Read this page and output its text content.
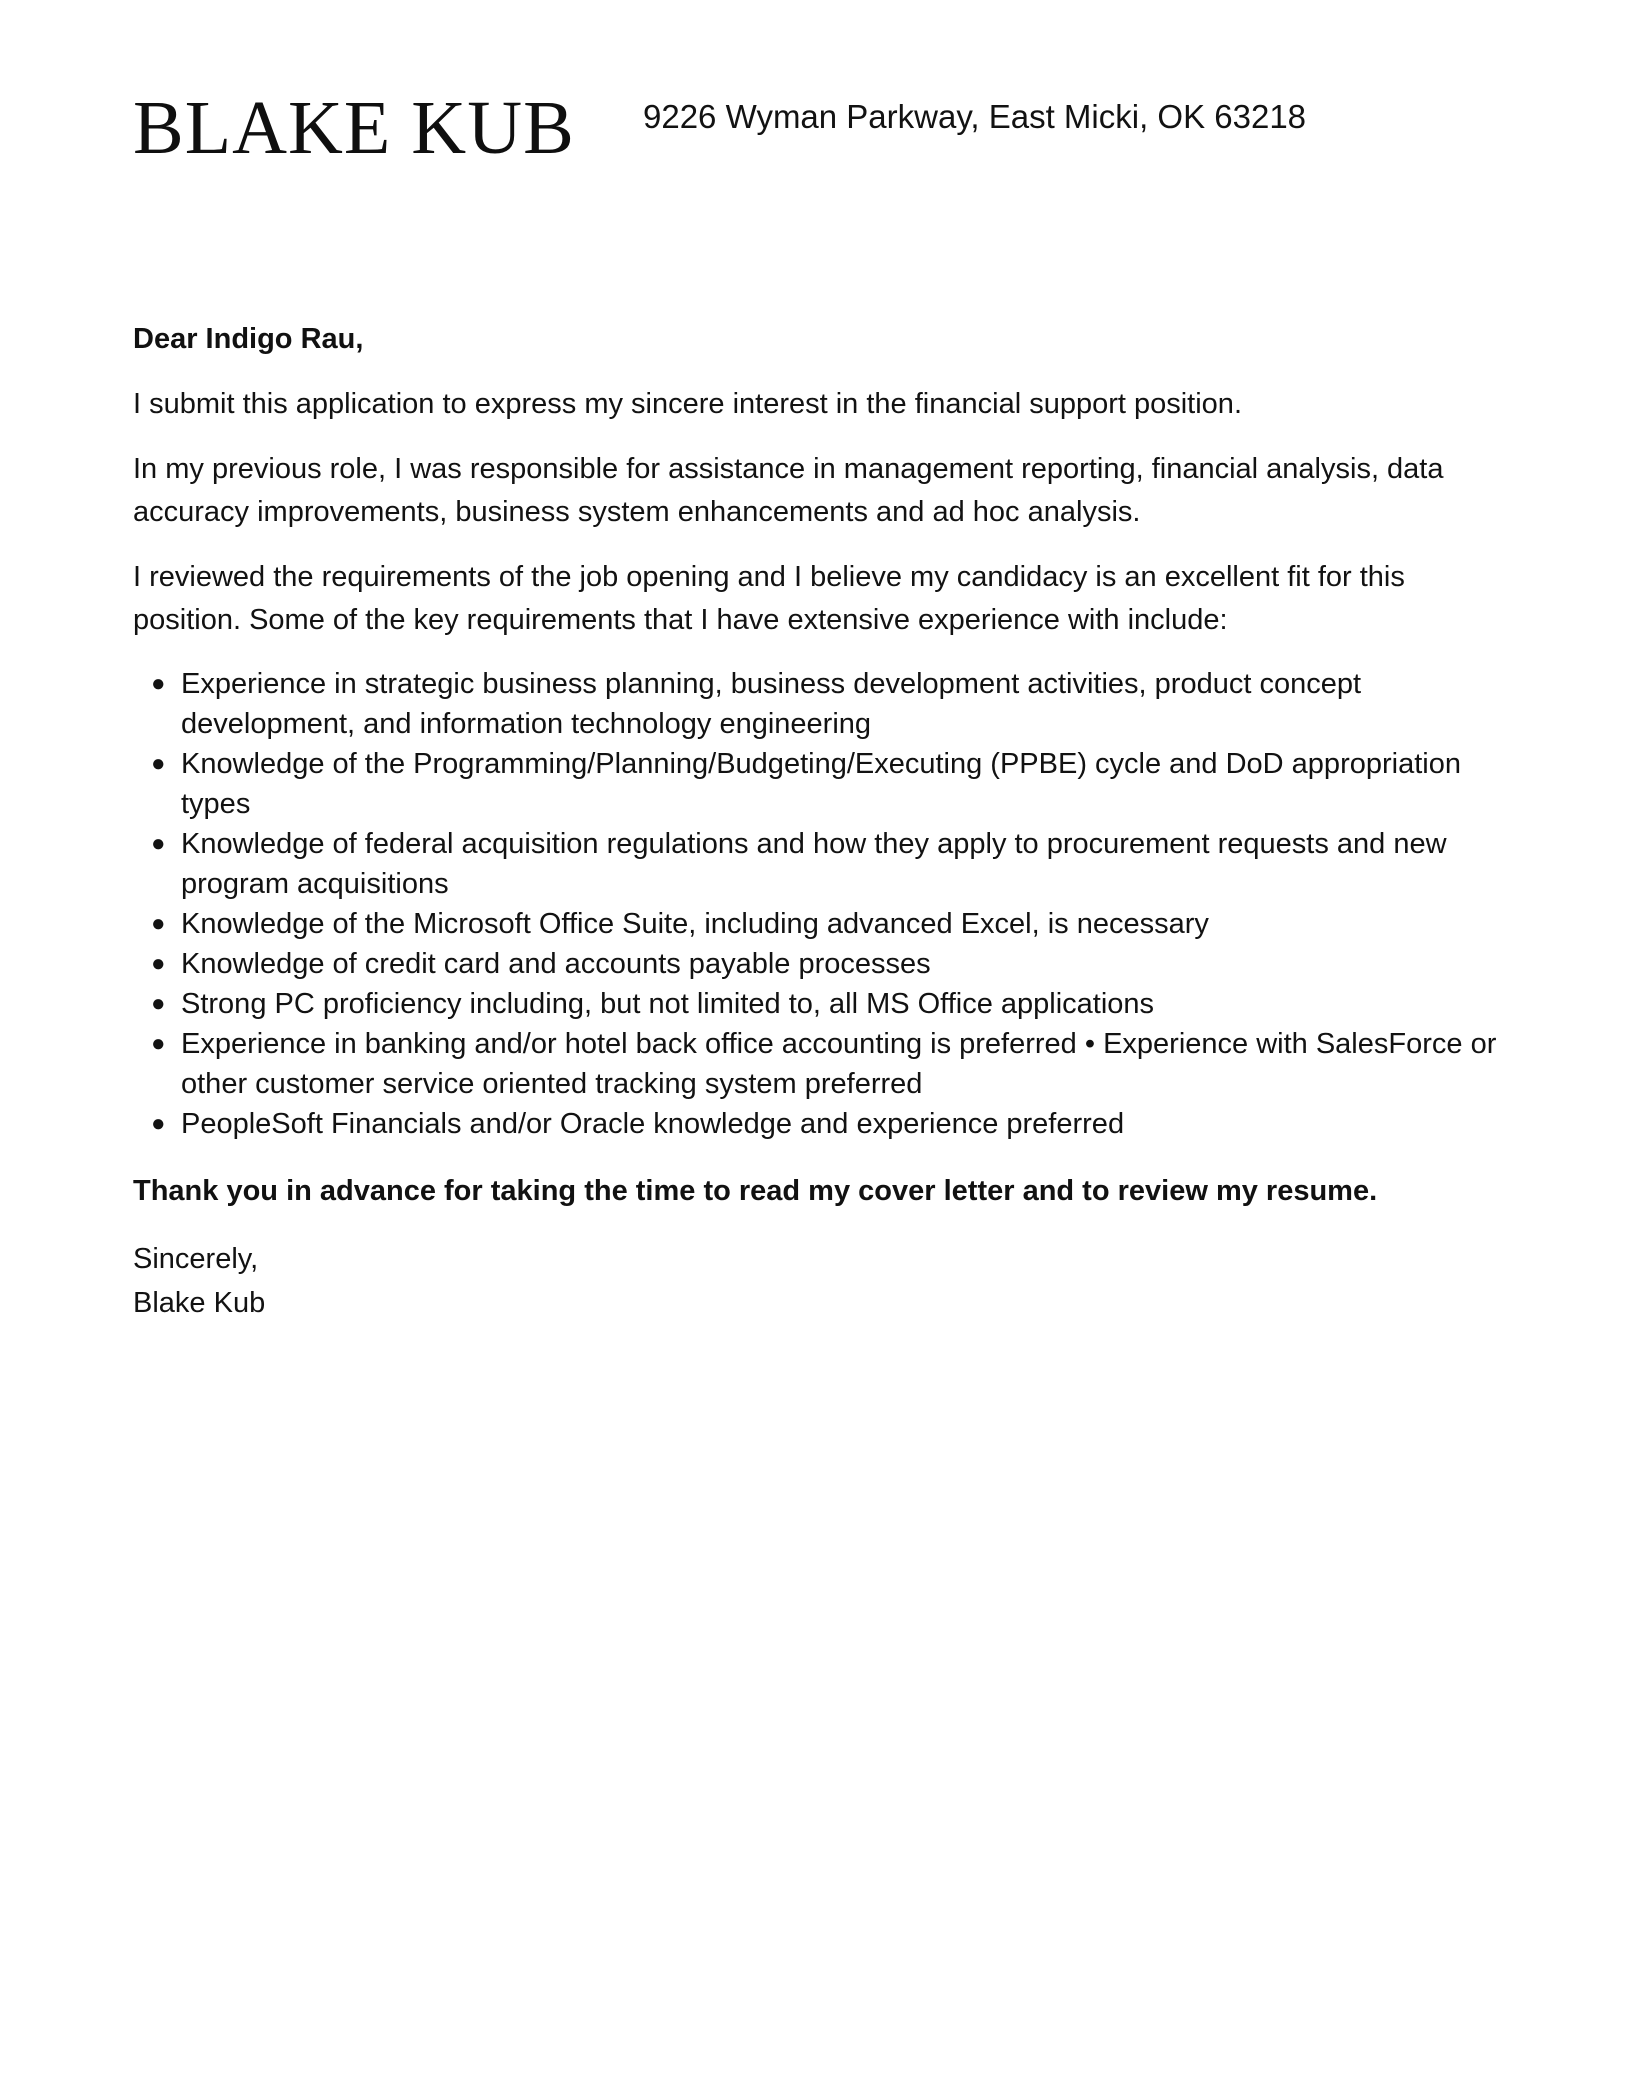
BLAKE KUB 9226 Wyman Parkway, East Micki, OK 63218

Dear Indigo Rau,

I submit this application to express my sincere interest in the financial support position.

In my previous role, I was responsible for assistance in management reporting, financial analysis, data accuracy improvements, business system enhancements and ad hoc analysis.

I reviewed the requirements of the job opening and I believe my candidacy is an excellent fit for this position. Some of the key requirements that I have extensive experience with include:

● Experience in strategic business planning, business development activities, product concept development, and information technology engineering
● Knowledge of the Programming/Planning/Budgeting/Executing (PPBE) cycle and DoD appropriation types
● Knowledge of federal acquisition regulations and how they apply to procurement requests and new program acquisitions
● Knowledge of the Microsoft Office Suite, including advanced Excel, is necessary
● Knowledge of credit card and accounts payable processes
● Strong PC proficiency including, but not limited to, all MS Office applications
● Experience in banking and/or hotel back office accounting is preferred • Experience with SalesForce or other customer service oriented tracking system preferred
● PeopleSoft Financials and/or Oracle knowledge and experience preferred

Thank you in advance for taking the time to read my cover letter and to review my resume.

Sincerely,

Blake Kub
